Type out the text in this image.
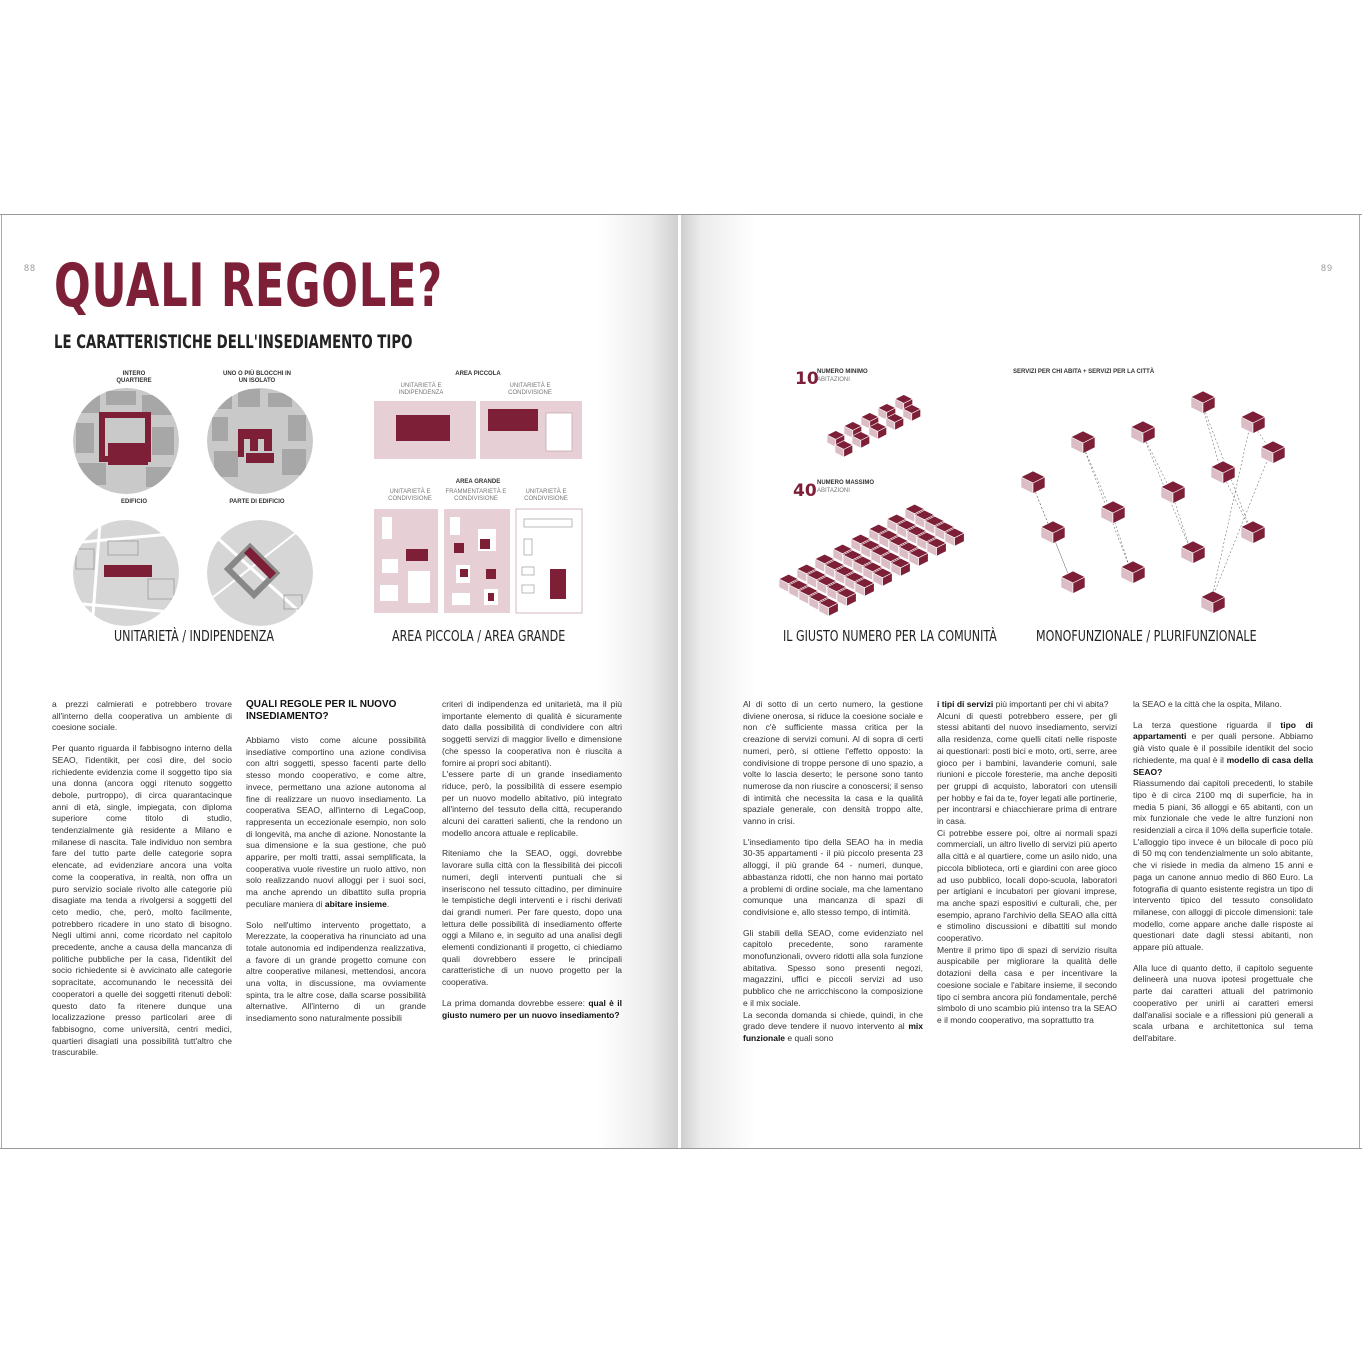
88 QUALI REGOLE?
LE CARATTERISTICHE DELL'INSEDIAMENTO TIPO
INTERO QUARTIERE
UNO O PIÙ BLOCCHI IN UN ISOLATO
EDIFICIO	PARTE DI EDIFICIO
AREA PICCOLA
UNITARIETÀ E INDIPENDENZA
UNITARIETÀ E CONDIVISIONE
AREA GRANDE
UNITARIETÀ E CONDIVISIONE
FRAMMENTARIETÀ E CONDIVISIONE
UNITARIETÀ E CONDIVISIONE
UNITARIETÀ / INDIPENDENZA	AREA PICCOLA / AREA GRANDE

a prezzi calmierati e potrebbero trovare all'interno della cooperativa un ambiente di coesione sociale.

Per quanto riguarda il fabbisogno interno della SEAO, l'identikit, per così dire, del socio richiedente evidenzia come il soggetto tipo sia una donna (ancora oggi ritenuto soggetto debole, purtroppo), di circa quarantacinque anni di età, single, impiegata, con diploma superiore come titolo di studio, tendenzialmente già residente a Milano e milanese di nascita. Tale individuo non sembra fare del tutto parte delle categorie sopra elencate, ad evidenziare ancora una volta come la cooperativa, in realtà, non offra un puro servizio sociale rivolto alle categorie più disagiate ma tenda a rivolgersi a soggetti del ceto medio, che, però, molto facilmente, potrebbero ricadere in uno stato di bisogno. Negli ultimi anni, come ricordato nel capitolo precedente, anche a causa della mancanza di politiche pubbliche per la casa, l'identikit del socio richiedente si è avvicinato alle categorie sopracitate, accomunando le necessità dei cooperatori a quelle dei soggetti ritenuti deboli: questo dato fa ritenere dunque una localizzazione presso particolari aree di fabbisogno, come università, centri medici, quartieri disagiati una possibilità tutt'altro che trascurabile.

QUALI REGOLE PER IL NUOVO INSEDIAMENTO?

Abbiamo visto come alcune possibilità insediative comportino una azione condivisa con altri soggetti, spesso facenti parte dello stesso mondo cooperativo, e come altre, invece, permettano una azione autonoma al fine di realizzare un nuovo insediamento. La cooperativa SEAO, all'interno di LegaCoop, rappresenta un eccezionale esempio, non solo di longevità, ma anche di azione. Nonostante la sua dimensione e la sua gestione, che può apparire, per molti tratti, assai semplificata, la cooperativa vuole rivestire un ruolo attivo, non solo realizzando nuovi alloggi per i suoi soci, ma anche aprendo un dibattito sulla propria peculiare maniera di abitare insieme.

Solo nell'ultimo intervento progettato, a Merezzate, la cooperativa ha rinunciato ad una totale autonomia ed indipendenza realizzativa, a favore di un grande progetto comune con altre cooperative milanesi, mettendosi, ancora una volta, in discussione, ma ovviamente spinta, tra le altre cose, dalla scarse possibilità alternative. All'interno di un grande insediamento sono naturalmente possibili

criteri di indipendenza ed unitarietà, ma il più importante elemento di qualità è sicuramente dato dalla possibilità di condividere con altri soggetti servizi di maggior livello e dimensione (che spesso la cooperativa non è riuscita a fornire ai propri soci abitanti).

L'essere parte di un grande insediamento riduce, però, la possibilità di essere esempio per un nuovo modello abitativo, più integrato all'interno del tessuto della città, recuperando alcuni dei caratteri salienti, che la rendono un modello ancora attuale e replicabile.

Riteniamo che la SEAO, oggi, dovrebbe lavorare sulla città con la flessibilità dei piccoli numeri, degli interventi puntuali che si inseriscono nel tessuto cittadino, per diminuire le tempistiche degli interventi e i rischi derivati dai grandi numeri. Per fare questo, dopo una lettura delle possibilità di insediamento offerte oggi a Milano e, in seguito ad una analisi degli elementi condizionanti il progetto, ci chiediamo quali dovrebbero essere le principali caratteristiche di un nuovo progetto per la cooperativa.

La prima domanda dovrebbe essere: qual è il giusto numero per un nuovo insediamento?

89
10
NUMERO MINIMO
ABITAZIONI
40 NUMERO MASSIMO
ABITAZIONI
SERVIZI PER CHI ABITA + SERVIZI PER LA CITTÀ
IL GIUSTO NUMERO PER LA COMUNITÀ	MONOFUNZIONALE / PLURIFUNZIONALE

Al di sotto di un certo numero, la gestione diviene onerosa, si riduce la coesione sociale e non c'è sufficiente massa critica per la creazione di servizi comuni. Al di sopra di certi numeri, però, si ottiene l'effetto opposto: la condivisione di troppe persone di uno spazio, a volte lo lascia deserto; le persone sono tanto numerose da non riuscire a conoscersi; il senso di intimità che necessita la casa e la qualità spaziale generale, con densità troppo alte, vanno in crisi.

L'insediamento tipo della SEAO ha in media 30-35 appartamenti - il più piccolo presenta 23 alloggi, il più grande 64 - numeri, dunque, abbastanza ridotti, che non hanno mai portato a problemi di ordine sociale, ma che lamentano comunque una mancanza di spazi di condivisione e, allo stesso tempo, di intimità.

Gli stabili della SEAO, come evidenziato nel capitolo precedente, sono raramente monofunzionali, ovvero ridotti alla sola funzione abitativa. Spesso sono presenti negozi, magazzini, uffici e piccoli servizi ad uso pubblico che ne arricchiscono la composizione e il mix sociale.

La seconda domanda si chiede, quindi, in che grado deve tendere il nuovo intervento al mix funzionale e quali sono

i tipi di servizi più importanti per chi vi abita?

Alcuni di questi potrebbero essere, per gli stessi abitanti del nuovo insediamento, servizi alla residenza, come quelli citati nelle risposte ai questionari: posti bici e moto, orti, serre, aree gioco per i bambini, lavanderie comuni, sale riunioni e piccole foresterie, ma anche depositi per gruppi di acquisto, laboratori con utensili per hobby e fai da te, foyer legati alle portinerie, per incontrarsi e chiacchierare prima di entrare in casa.

Ci potrebbe essere poi, oltre ai normali spazi commerciali, un altro livello di servizi più aperto alla città e al quartiere, come un asilo nido, una piccola biblioteca, orti e giardini con aree gioco ad uso pubblico, locali dopo-scuola, laboratori per artigiani e incubatori per giovani imprese, ma anche spazi espositivi e culturali, che, per esempio, aprano l'archivio della SEAO alla città e stimolino discussioni e dibattiti sul mondo cooperativo.

Mentre il primo tipo di spazi di servizio risulta auspicabile per migliorare la qualità delle dotazioni della casa e per incentivare la coesione sociale e l'abitare insieme, il secondo tipo ci sembra ancora più fondamentale, perché simbolo di uno scambio più intenso tra la SEAO e il mondo cooperativo, ma soprattutto tra

la SEAO e la città che la ospita, Milano.

La terza questione riguarda il tipo di appartamenti e per quali persone. Abbiamo già visto quale è il possibile identikit del socio richiedente, ma qual è il modello di casa della SEAO?

Riassumendo dai capitoli precedenti, lo stabile tipo è di circa 2100 mq di superficie, ha in media 5 piani, 36 alloggi e 65 abitanti, con un mix funzionale che vede le altre funzioni non residenziali a circa il 10% della superficie totale. L'alloggio tipo invece è un bilocale di poco più di 50 mq con tendenzialmente un solo abitante, che vi risiede in media da almeno 15 anni e paga un canone annuo medio di 860 Euro. La fotografia di quanto esistente registra un tipo di intervento tipico del tessuto consolidato milanese, con alloggi di piccole dimensioni: tale modello, come appare anche dalle risposte ai questionari date dagli stessi abitanti, non appare più attuale.

Alla luce di quanto detto, il capitolo seguente delineerà una nuova ipotesi progettuale che parte dai caratteri attuali del patrimonio cooperativo per unirli ai caratteri emersi dall'analisi sociale e a riflessioni più generali a scala urbana e architettonica sul tema dell'abitare.
